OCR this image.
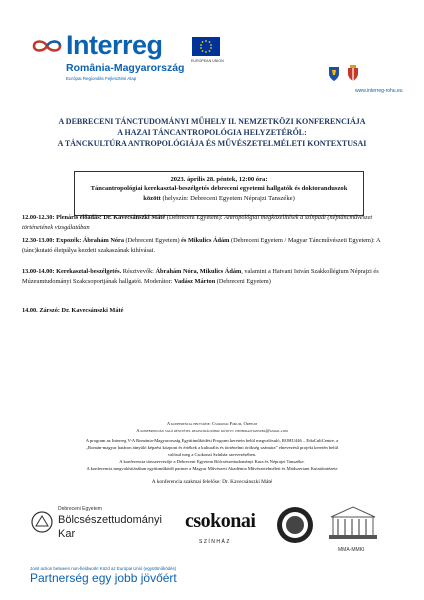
Interreg
EUROPEAN UNION
România-Magyarország
Európai Regionális Fejlesztési Alap
www.interreg-rohu.eu
A DEBRECENI TÁNCTUDOMÁNYI MŰHELY II. NEMZETKÖZI KONFERENCIÁJA
A HAZAI TÁNCANTROPOLÓGIA HELYZETÉRŐL:
A TÁNCKULTÚRA ANTROPOLÓGIÁJA ÉS MŰVÉSZETELMÉLETI KONTEXTUSAI
2023. április 28. péntek, 12:00 óra:
Táncantropológiai kerekasztal-beszélgetés debreceni egyetemi hallgatók és doktoranduszok
között (helyszín: Debreceni Egyetem Néprajzi Tanszéke)
12.00-12.30: Plenáris előadás: Dr. Kavecsánszki Máté (Debreceni Egyetem): Antropológiai megközelítések a színpadi (néptáncművészet történetének vizsgálatában
12.30-13.00: Expozék: Ábrahám Nóra (Debreceni Egyetem) és Mikulics Ádám (Debreceni Egyetem / Magyar Táncművészeti Egyetem): A (tánc)kutató életpálya kezdeti szakaszának kihívásai.
13.00-14.00: Kerekasztal-beszélgetés. Résztvevők: Ábrahám Nóra, Mikulics Ádám, valamint a Hatvani István Szakkollégium Néprajzi és Múzeumtudományi Szakcsoportjának hallgatói. Moderátor: Vadász Márton (Debreceni Egyetem)
14.00. Zárszó: Dr. Kavecsánszki Máté
A konferencia helyszíne: Csokonai Fórum, Orfeum
A konferencián való részvétel regisztrációhoz kötött: deneprajztanszek@gmail.com
A program az Interreg V-A Románia-Magyarország Együttműködési Program keretein belül megvalósuló, ROHU446 – EduCultCentre, a
„Román-magyar határon átnyúló képzési központ és értékek a kulturális és történelmi örökség számára” elnevezésű projekt keretén belül
valósul meg a Csokonai Színház szervezésében.
A konferencia társszervezője a Debreceni Egyetem Bölcsészettudományi Kara és Néprajzi Tanszéke.
A konferencia megvalósításában együttműködő partner a Magyar Művészeti Akadémia Művészetelméleti és Módszertani Kutatóintézete
A konferencia szakmai felelőse: Dr. Kavecsánszki Máté
Debreceni Egyetem
Bölcsészettudományi
Kar
csokonai
SZÍNHÁZ
MMA-MMKI
Joint action between non-fieldwork! Küzd az Európai Unió (együttműködés)
Partnerség egy jobb jövőért
